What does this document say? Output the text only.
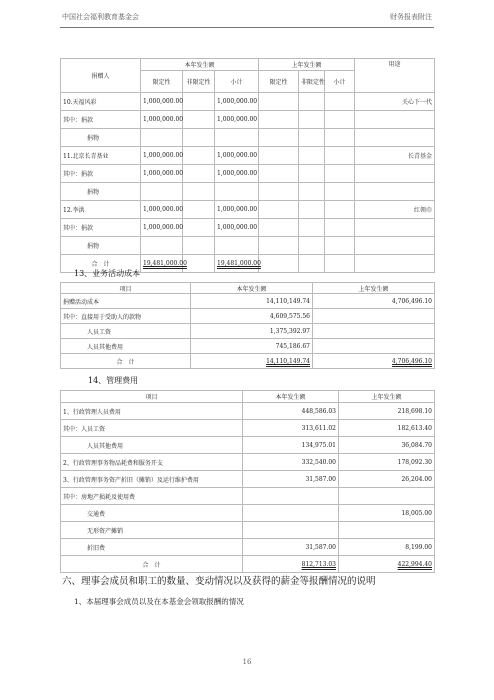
中国社会福利教育基金会	财务报表附注
捐赠人	本年发生额			上年发生额			用途
	限定性	非限定性	小计	限定性	非限定性	小计	
10.天福风彩	1,000,000.00		1,000,000.00				关心下一代
其中：捐款	1,000,000.00		1,000,000.00				
捐物							
11.北京长青基业	1,000,000.00		1,000,000.00				长青基金
其中：捐款	1,000,000.00		1,000,000.00				
捐物							
12.李洪	1,000,000.00		1,000,000.00				红领巾
其中：捐款	1,000,000.00		1,000,000.00				
捐物							
合　计	19,481,000.00		19,481,000.00				
13、业务活动成本
项目	本年发生额	上年发生额
捐赠活动成本	14,110,149.74	4,706,496.10
其中：直接用于受助人的款物	4,609,575.56	
人员工资	1,375,392.97	
人员其他费用	745,186.67	
合　计	14,110,149.74	4,706,496.10
14、管理费用
项目	本年发生额	上年发生额
1、行政管理人员费用	448,586.03	218,698.10
其中：人员工资	313,611.02	182,613.40
人员其他费用	134,975.01	36,084.70
2、行政管理事务物品耗费和服务开支	332,540.00	178,092.30
3、行政管理事务资产折旧（摊销）及运行维护费用	31,587.00	26,204.00
其中：房地产损耗及使用费		
交通费		18,005.00
无形资产摊销		
折旧费	31,587.00	8,199.00
合　计	812,713.03	422,994.40
六、理事会成员和职工的数量、变动情况以及获得的薪金等报酬情况的说明
1、本届理事会成员以及在本基金会领取报酬的情况
16
